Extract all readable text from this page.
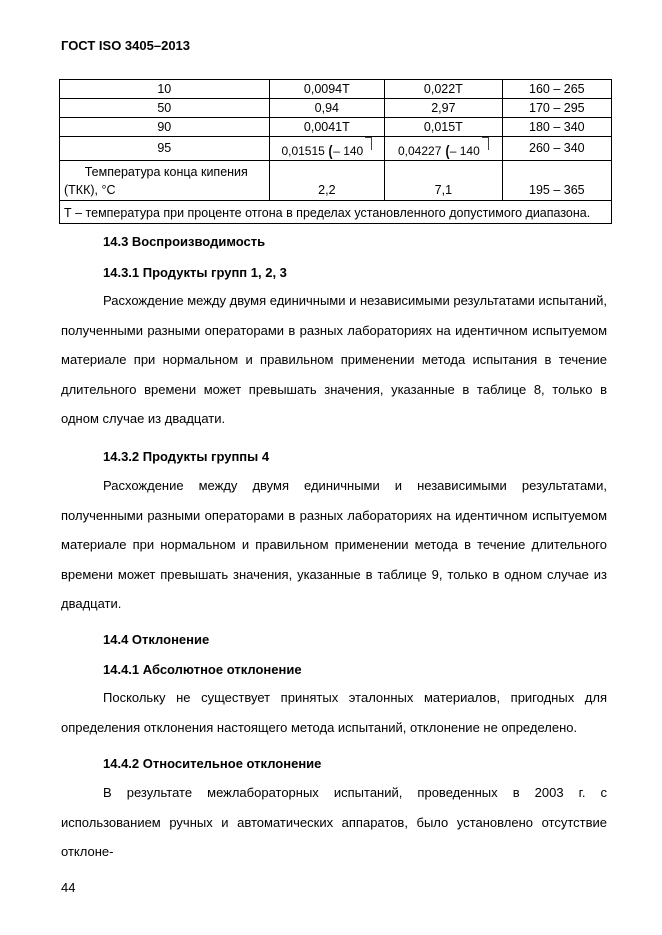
ГОСТ ISO 3405–2013
10	0,0094T	0,022T	160 – 265
50	0,94	2,97	170 – 295
90	0,0041T	0,015T	180 – 340
95	0,01515 (– 140	0,04227 (– 140	260 – 340

Температура конца кипения
(ТКК), °С	2,2	7,1	195 – 365
Т – температура при проценте отгона в пределах установленного допустимого диапазона.			
14.3 Воспроизводимость
14.3.1 Продукты групп 1, 2, 3
Расхождение между двумя единичными и независимыми результатами испытаний, полученными разными операторами в разных лабораториях на идентичном испытуемом материале при нормальном и правильном применении метода испытания в течение длительного времени может превышать значения, указанные в таблице 8, только в одном случае из двадцати.
14.3.2 Продукты группы 4
Расхождение между двумя единичными и независимыми результатами, полученными разными операторами в разных лабораториях на идентичном испытуемом материале при нормальном и правильном применении метода в течение длительного времени может превышать значения, указанные в таблице 9, только в одном случае из двадцати.
14.4 Отклонение
14.4.1 Абсолютное отклонение
Поскольку не существует принятых эталонных материалов, пригодных для определения отклонения настоящего метода испытаний, отклонение не определено.
14.4.2 Относительное отклонение
В результате межлабораторных испытаний, проведенных в 2003 г. с использованием ручных и автоматических аппаратов, было установлено отсутствие отклоне-
44
